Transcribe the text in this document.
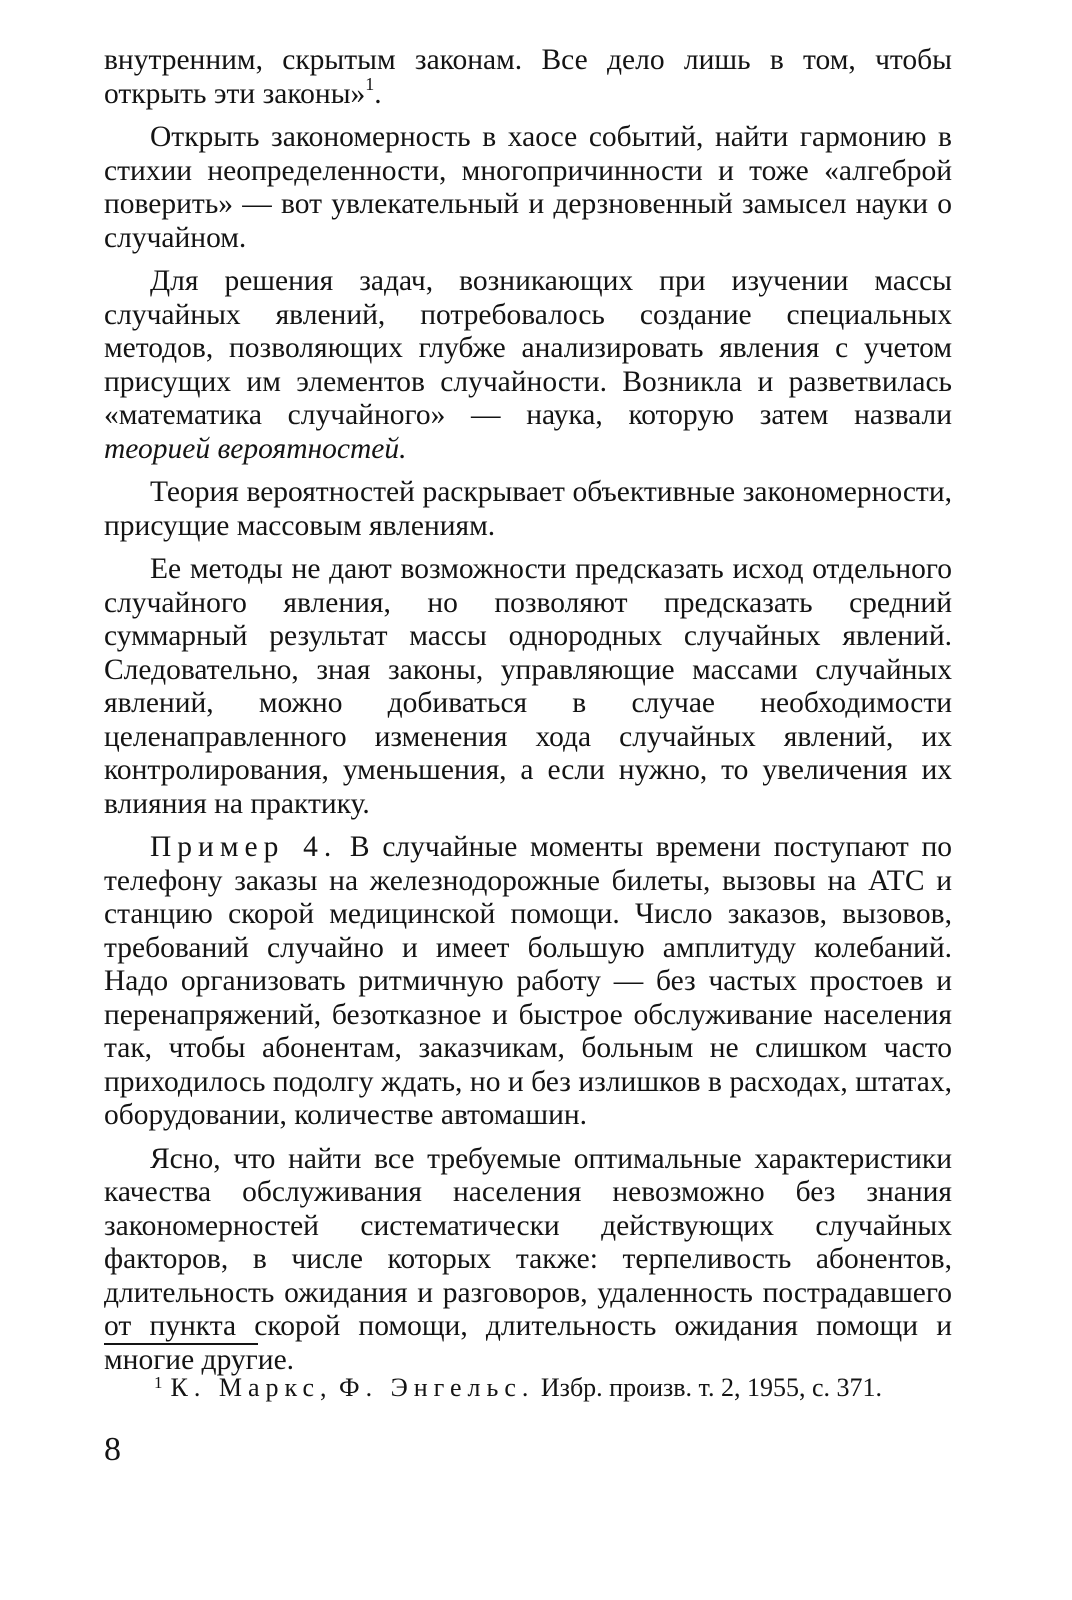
внутренним, скрытым законам. Все дело лишь в том, чтобы открыть эти законы»$^1$.

Открыть закономерность в хаосе событий, найти гармонию в стихии неопределенности, многопричинности и тоже «алгеброй поверить» — вот увлекательный и дерзновенный замысел науки о случайном.

Для решения задач, возникающих при изучении массы случайных явлений, потребовалось создание специальных методов, позволяющих глубже анализировать явления с учетом присущих им элементов случайности. Возникла и разветвилась «математика случайного» — наука, которую затем назвали теорией вероятностей.

Теория вероятностей раскрывает объективные закономерности, присущие массовым явлениям.

Ее методы не дают возможности предсказать исход отдельного случайного явления, но позволяют предсказать средний суммарный результат массы однородных случайных явлений. Следовательно, зная законы, управляющие массами случайных явлений, можно добиваться в случае необходимости целенаправленного изменения хода случайных явлений, их контролирования, уменьшения, а если нужно, то увеличения их влияния на практику.

Пример 4. В случайные моменты времени поступают по телефону заказы на железнодорожные билеты, вызовы на АТС и станцию скорой медицинской помощи. Число заказов, вызовов, требований случайно и имеет большую амплитуду колебаний. Надо организовать ритмичную работу — без частых простоев и перенапряжений, безотказное и быстрое обслуживание населения так, чтобы абонентам, заказчикам, больным не слишком часто приходилось подолгу ждать, но и без излишков в расходах, штатах, оборудовании, количестве автомашин.

Ясно, что найти все требуемые оптимальные характеристики качества обслуживания населения невозможно без знания закономерностей систематически действующих случайных факторов, в числе которых также: терпеливость абонентов, длительность ожидания и разговоров, удаленность пострадавшего от пункта скорой помощи, длительность ожидания помощи и многие другие.

1 К. Маркс, Ф. Энгельс. Избр. произв. т. 2, 1955, с. 371.
8
